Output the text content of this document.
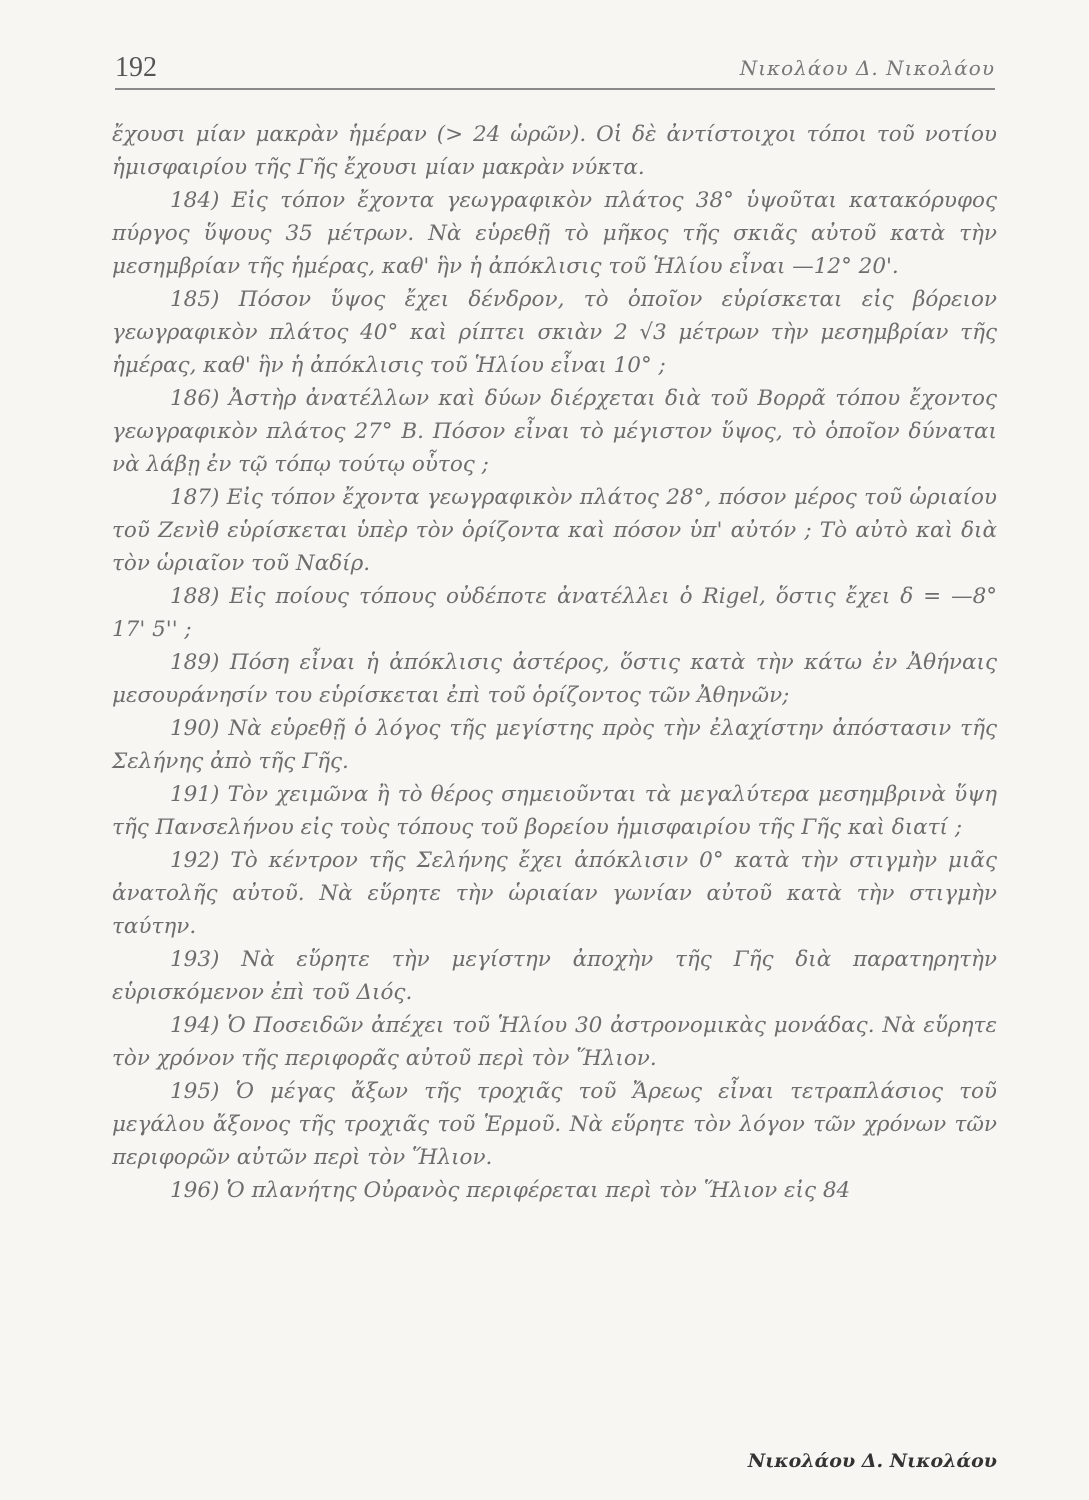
192	Νικολάου Δ. Νικολάου

ἔχουσι μίαν μακρὰν ἡμέραν (> 24 ὡρῶν). Οἱ δὲ ἀντίστοιχοι τόποι τοῦ νοτίου ἡμισφαιρίου τῆς Γῆς ἔχουσι μίαν μακρὰν νύκτα.

184) Εἰς τόπον ἔχοντα γεωγραφικὸν πλάτος 38° ὑψοῦται κατακόρυφος πύργος ὕψους 35 μέτρων. Νὰ εὑρεθῇ τὸ μῆκος τῆς σκιᾶς αὐτοῦ κατὰ τὴν μεσημβρίαν τῆς ἡμέρας, καθ' ἣν ἡ ἀπόκλισις τοῦ Ἡλίου εἶναι —12° 20'.

185) Πόσον ὕψος ἔχει δένδρον, τὸ ὁποῖον εὑρίσκεται εἰς βόρειον γεωγραφικὸν πλάτος 40° καὶ ρίπτει σκιὰν 2 √3 μέτρων τὴν μεσημβρίαν τῆς ἡμέρας, καθ' ἣν ἡ ἀπόκλισις τοῦ Ἡλίου εἶναι 10° ;

186) Ἀστὴρ ἀνατέλλων καὶ δύων διέρχεται διὰ τοῦ Βορρᾶ τόπου ἔχοντος γεωγραφικὸν πλάτος 27° Β. Πόσον εἶναι τὸ μέγιστον ὕψος, τὸ ὁποῖον δύναται νὰ λάβῃ ἐν τῷ τόπῳ τούτῳ οὗτος ;

187) Εἰς τόπον ἔχοντα γεωγραφικὸν πλάτος 28°, πόσον μέρος τοῦ ὡριαίου τοῦ Ζενὶθ εὑρίσκεται ὑπὲρ τὸν ὁρίζοντα καὶ πόσον ὑπ' αὐτόν ; Τὸ αὐτὸ καὶ διὰ τὸν ὡριαῖον τοῦ Ναδίρ.

188) Εἰς ποίους τόπους οὐδέποτε ἀνατέλλει ὁ Rigel, ὅστις ἔχει δ = —8° 17' 5'' ;

189) Πόση εἶναι ἡ ἀπόκλισις ἀστέρος, ὅστις κατὰ τὴν κάτω ἐν Ἀθήναις μεσουράνησίν του εὑρίσκεται ἐπὶ τοῦ ὁρίζοντος τῶν Ἀθηνῶν;

190) Νὰ εὑρεθῇ ὁ λόγος τῆς μεγίστης πρὸς τὴν ἐλαχίστην ἀπόστασιν τῆς Σελήνης ἀπὸ τῆς Γῆς.

191) Τὸν χειμῶνα ἢ τὸ θέρος σημειοῦνται τὰ μεγαλύτερα μεσημβρινὰ ὕψη τῆς Πανσελήνου εἰς τοὺς τόπους τοῦ βορείου ἡμισφαιρίου τῆς Γῆς καὶ διατί ;

192) Τὸ κέντρον τῆς Σελήνης ἔχει ἀπόκλισιν 0° κατὰ τὴν στιγμὴν μιᾶς ἀνατολῆς αὐτοῦ. Νὰ εὕρητε τὴν ὡριαίαν γωνίαν αὐτοῦ κατὰ τὴν στιγμὴν ταύτην.

193) Νὰ εὕρητε τὴν μεγίστην ἀποχὴν τῆς Γῆς διὰ παρατηρητὴν εὑρισκόμενον ἐπὶ τοῦ Διός.

194) Ὁ Ποσειδῶν ἀπέχει τοῦ Ἡλίου 30 ἀστρονομικὰς μονάδας. Νὰ εὕρητε τὸν χρόνον τῆς περιφορᾶς αὐτοῦ περὶ τὸν Ἥλιον.

195) Ὁ μέγας ἄξων τῆς τροχιᾶς τοῦ Ἄρεως εἶναι τετραπλάσιος τοῦ μεγάλου ἄξονος τῆς τροχιᾶς τοῦ Ἑρμοῦ. Νὰ εὕρητε τὸν λόγον τῶν χρόνων τῶν περιφορῶν αὐτῶν περὶ τὸν Ἥλιον.

196) Ὁ πλανήτης Οὐρανὸς περιφέρεται περὶ τὸν Ἥλιον εἰς 84

Νικολάου Δ. Νικολάου
